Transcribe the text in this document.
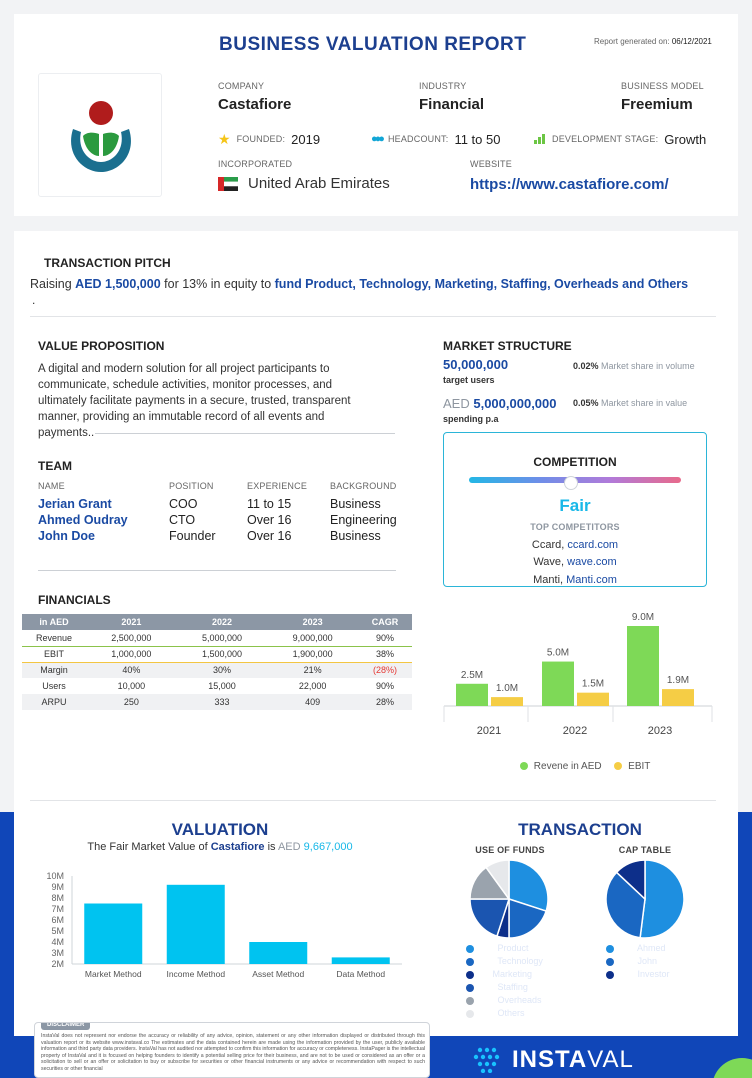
BUSINESS VALUATION REPORT	Report generated on: 06/12/2021
COMPANY
Castafiore
INDUSTRY
Financial
BUSINESS MODEL
Freemium
★ FOUNDED: 2019	●●● HEADCOUNT: 11 to 50	DEVELOPMENT STAGE: Growth
INCORPORATED
United Arab Emirates
WEBSITE
https://www.castafiore.com/
TRANSACTION PITCH
Raising AED 1,500,000 for 13% in equity to fund Product, Technology, Marketing, Staffing, Overheads and Others
.
VALUE PROPOSITION
A digital and modern solution for all project participants to
communicate, schedule activities, monitor processes, and
ultimately facilitate payments in a secure, trusted, transparent
manner, providing an immutable record of all events and
payments..
TEAM
NAME	POSITION	EXPERIENCE	BACKGROUND
Jerian Grant	COO	11 to 15	Business
Ahmed Oudray	CTO	Over 16	Engineering
John Doe	Founder	Over 16	Business
FINANCIALS
in AED	2021	2022	2023	CAGR
Revenue	2,500,000	5,000,000	9,000,000	90%
EBIT	1,000,000	1,500,000	1,900,000	38%
Margin	40%	30%	21%	(28%)
Users	10,000	15,000	22,000	90%
ARPU	250	333	409	28%
MARKET STRUCTURE
50,000,000
target users
0.02% Market share in volume
AED 5,000,000,000
spending p.a
0.05% Market share in value
COMPETITION
Fair
TOP COMPETITORS
Ccard, ccard.com
Wave, wave.com
Manti, Manti.com
2.5M
1.0M
2021
5.0M
1.5M
2022
9.0M
1.9M
2023
Revene in AED	EBIT
VALUATION
The Fair Market Value of Castafiore is AED 9,667,000
10M
9M
8M
7M
6M
5M
4M
3M
2M
Market Method	Income Method	Asset Method	Data Method
TRANSACTION
USE OF FUNDS	CAP TABLE
30% Product
20% Technology
5% Marketing
20% Staffing
15% Overheads
10% Others
52% Ahmed
35% John
13% Investor
DISCLAIMER
InstaVal does not represent nor endorse the accuracy or reliability of any advice, opinion, statement or any other information displayed or distributed through this valuation report or its website www.instaval.co The estimates and the data contained herein are made using the information provided by the user, publicly available information and third party data providers. InstaVal has not audited nor attempted to confirm this information for accuracy or completeness. InstaPager is the intellectual property of InstaVal and it is focused on helping founders to identify a potential selling price for their business, and are not to be used or considered as an offer or a solicitation to sell or an offer or solicitation to buy or subscribe for securities or other financial instruments or any advice or recommendation with respect to such securities or other financial	INSTA VAL
